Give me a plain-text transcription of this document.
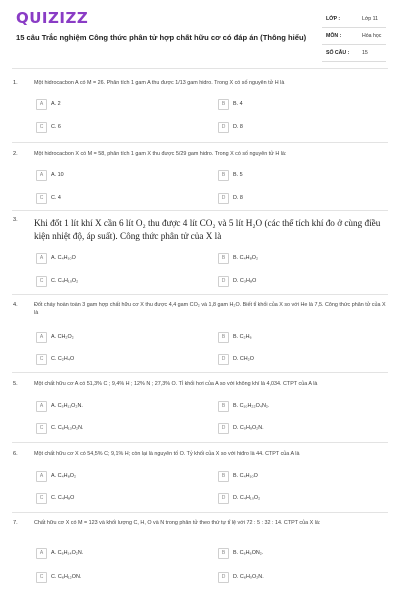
QUIZIZZ
15 câu Trắc nghiệm Công thức phân tử hợp chất hữu cơ có đáp án (Thông hiểu)
LỚP :	Lớp 11
MÔN :	Hóa học
SỐ CÂU : 15
1.	Một hidrocacbon A có M = 26. Phân tích 1 gam A thu được 1/13 gam hidro. Trong X có số nguyên tử H là
A	A. 2	B	B. 4
C	C. 6	D	D. 8
2.	Một hidrocacbon X có M = 58, phân tích 1 gam X thu được 5/29 gam hidro. Trong X có số nguyên tử H là:
A	A. 10	B	B. 5
C	C. 4	D	D. 8
3. Khi đốt 1 lít khí X cần 6 lít O₂ thu được 4 lít CO₂ và 5 lít H₂O (các thể tích khí đo ở cùng điều kiện nhiệt độ, áp suất). Công thức phân tử của X là
A	A. C₄H₁₀O	B	B. C₄H₈O₂
C	C. C₄H₁₀O₂	D	D. C₃H₈O
4.	Đốt cháy hoàn toàn 3 gam hợp chất hữu cơ X thu được 4,4 gam CO₂ và 1,8 gam H₂O. Biết tỉ khối của X so với He là 7,5. Công thức phân tử của X là
A	A. CH₂O₂	B	B. C₂H₆
C	C. C₂H₄O	D	D. CH₂O
5.	Một chất hữu cơ A có 51,3% C ; 9,4% H ; 12% N ; 27,3% O. Tỉ khối hơi của A so với không khí là 4,034. CTPT của A là
A	A. C₅H₁₁O₂N.	B	B. C₁₀H₂₂O₄N₂.
C	C. C₆H₁₃O₂N.	D	D. C₅H₉O₂N.
6.	Một chất hữu cơ X có 54,5% C; 9,1% H; còn lại là nguyên tố O. Tỷ khối của X so với hiđro là 44. CTPT của A là
A	A. C₄H₈O₂	B	B. C₄H₁₀O
C	C. C₄H₈O	D	D. C₄H₁₀O₂
7.	Chất hữu cơ X có M = 123 và khối lượng C, H, O và N trong phân tử theo thứ tự tỉ lệ với 72 : 5 : 32 : 14. CTPT của X là:
A	A. C₆H₁₄O₂N.	B	B. C₆H₆ON₂.
C	C. C₆H₁₂ON.	D	D. C₆H₅O₂N.
